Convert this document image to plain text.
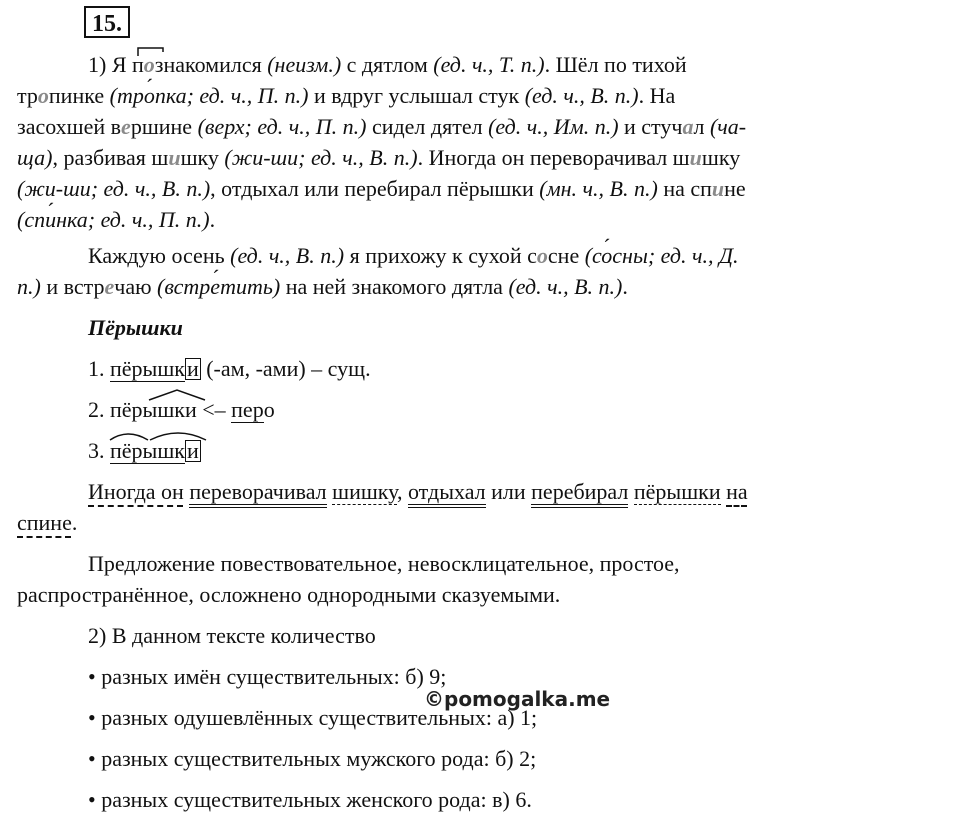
15.
1) Я познакомился (неизм.) с дятлом (ед. ч., Т. п.). Шёл по тихой
тропинке (тро ´пка; ед. ч., П. п.) и вдруг услышал стук (ед. ч., В. п.). На
засохшей вершине (верх; ед. ч., П. п.) сидел дятел (ед. ч., Им. п.) и стучал (ча-
ща), разбивая шишку (жи-ши; ед. ч., В. п.). Иногда он переворачивал шишку
(жи-ши; ед. ч., В. п.), отдыхал или перебирал пёрышки (мн. ч., В. п.) на спине
(спи ´нка; ед. ч., П. п.).
Каждую осень (ед. ч., В. п.) я прихожу к сухой сосне (со ´сны; ед. ч., Д.
п.) и встречаю (встре ´тить) на ней знакомого дятла (ед. ч., В. п.).
Пёрышки
1. пёрышки (-ам, -ами) – сущ.
2. пёрышки <– перо
3. пёрышки
Иногда он переворачивал шишку, отдыхал или перебирал пёрышки на
спине.
Предложение повествовательное, невосклицательное, простое,
распространённое, осложнено однородными сказуемыми.
2) В данном тексте количество
• разных имён существительных: б) 9;
• разных одушевлённых существительных: а) 1;
• разных существительных мужского рода: б) 2;
• разных существительных женского рода: в) 6.
©pomogalka.me
